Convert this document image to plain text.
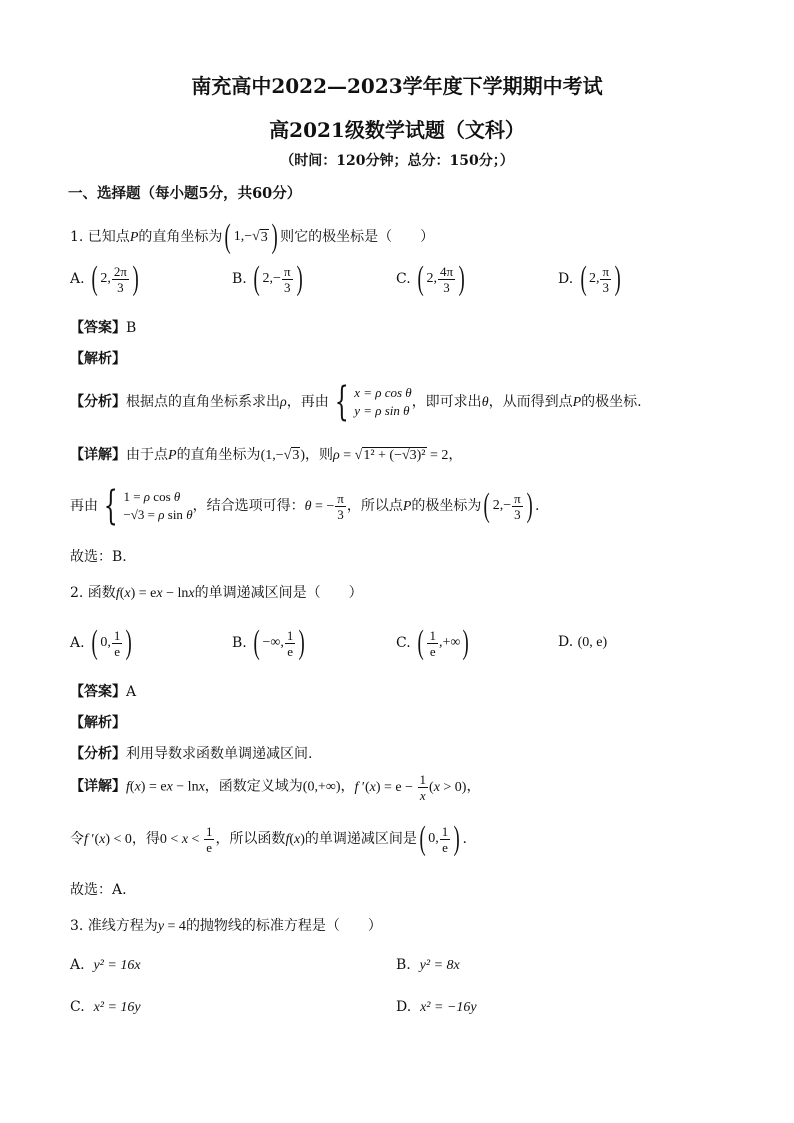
南充高中2022—2023学年度下学期期中考试
高2021级数学试题（文科）
（时间：120分钟；总分：150分；）
一、选择题（每小题5分，共60分）
1. 已知点P的直角坐标为 ( 1,−√ 3 ) 则它的极坐标是（　　）
A. ( 2, $\frac{2\pi}{3}$ )	B. ( $2,- \frac{\pi}{3}$ )	C. ( 2, $\frac{4\pi}{3}$ )	D. ( 2, $\frac{\pi}{3}$ )
【答案】B
【解析】
【分析】根据点的直角坐标系求出ρ，再由 { x = ρ cos θ
y = ρ sin θ
，即可求出θ，从而得到点P的极坐标.
【详解】由于点P的直角坐标为(1,−√3)，则ρ = √1² + (−√3)² = 2，
再由 { 1 = ρ cos θ
−√3 = ρ sin θ
，结合选项可得：θ = − $\frac{\pi}{3}$ ，所以点P的极坐标为 ( $2,- \frac{\pi}{3}$ ) .
故选：B.
2. 函数f(x) = ex − lnx的单调递减区间是（　　）
A. ( 0, $\frac{1}{e}$ )	B. ( −∞, $\frac{1}{e}$ )	C. ( $\frac{1}{e}$ ,+∞ )	D. (0, e)
【答案】A
【解析】
【分析】利用导数求函数单调递减区间.
【详解】f(x) = ex − lnx，函数定义域为(0,+∞)，f $'(x) = e - \frac{1}{x} (x > 0)$，
令f ′(x) < 0，得$0 < x < \frac{1}{e}$ ，所以函数f(x)的单调递减区间是 ( 0, $\frac{1}{e}$ ) .
故选：A.
3. 准线方程为y = 4的抛物线的标准方程是（　　）
A. y² = 16x	B. y² = 8x
C. x² = 16y	D. x² = −16y
